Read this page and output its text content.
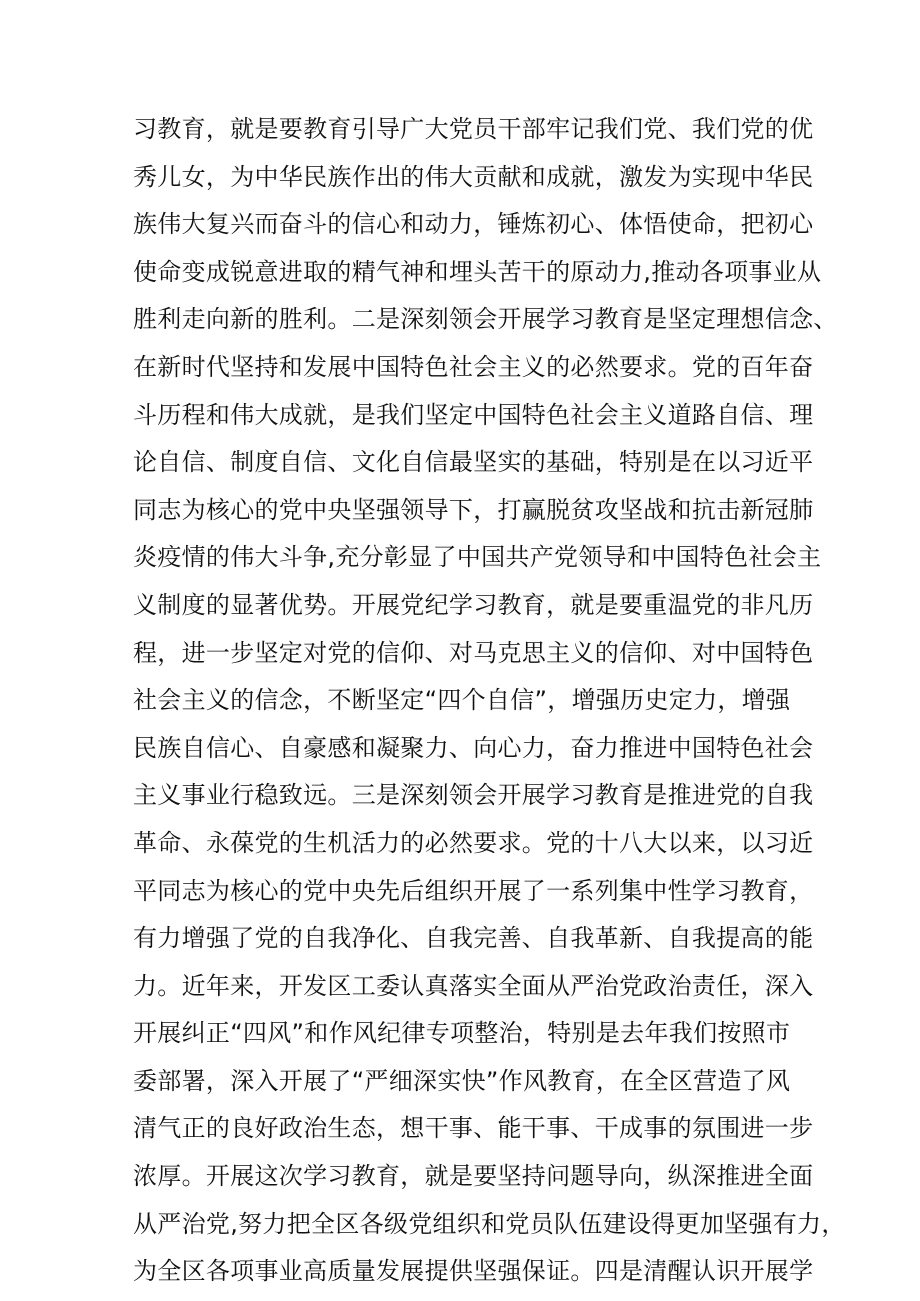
习教育，就是要教育引导广大党员干部牢记我们党、我们党的优
秀儿女，为中华民族作出的伟大贡献和成就，激发为实现中华民
族伟大复兴而奋斗的信心和动力，锤炼初心、体悟使命，把初心
使命变成锐意进取的精气神和埋头苦干的原动力,推动各项事业从
胜利走向新的胜利。二是深刻领会开展学习教育是坚定理想信念、
在新时代坚持和发展中国特色社会主义的必然要求。党的百年奋
斗历程和伟大成就，是我们坚定中国特色社会主义道路自信、理
论自信、制度自信、文化自信最坚实的基础，特别是在以习近平
同志为核心的党中央坚强领导下，打赢脱贫攻坚战和抗击新冠肺
炎疫情的伟大斗争,充分彰显了中国共产党领导和中国特色社会主
义制度的显著优势。开展党纪学习教育，就是要重温党的非凡历
程，进一步坚定对党的信仰、对马克思主义的信仰、对中国特色
社会主义的信念，不断坚定“四个自信”，增强历史定力，增强
民族自信心、自豪感和凝聚力、向心力，奋力推进中国特色社会
主义事业行稳致远。三是深刻领会开展学习教育是推进党的自我
革命、永葆党的生机活力的必然要求。党的十八大以来，以习近
平同志为核心的党中央先后组织开展了一系列集中性学习教育，
有力增强了党的自我净化、自我完善、自我革新、自我提高的能
力。近年来，开发区工委认真落实全面从严治党政治责任，深入
开展纠正“四风”和作风纪律专项整治，特别是去年我们按照市
委部署，深入开展了“严细深实快”作风教育，在全区营造了风
清气正的良好政治生态，想干事、能干事、干成事的氛围进一步
浓厚。开展这次学习教育，就是要坚持问题导向，纵深推进全面
从严治党,努力把全区各级党组织和党员队伍建设得更加坚强有力，
为全区各项事业高质量发展提供坚强保证。四是清醒认识开展学
